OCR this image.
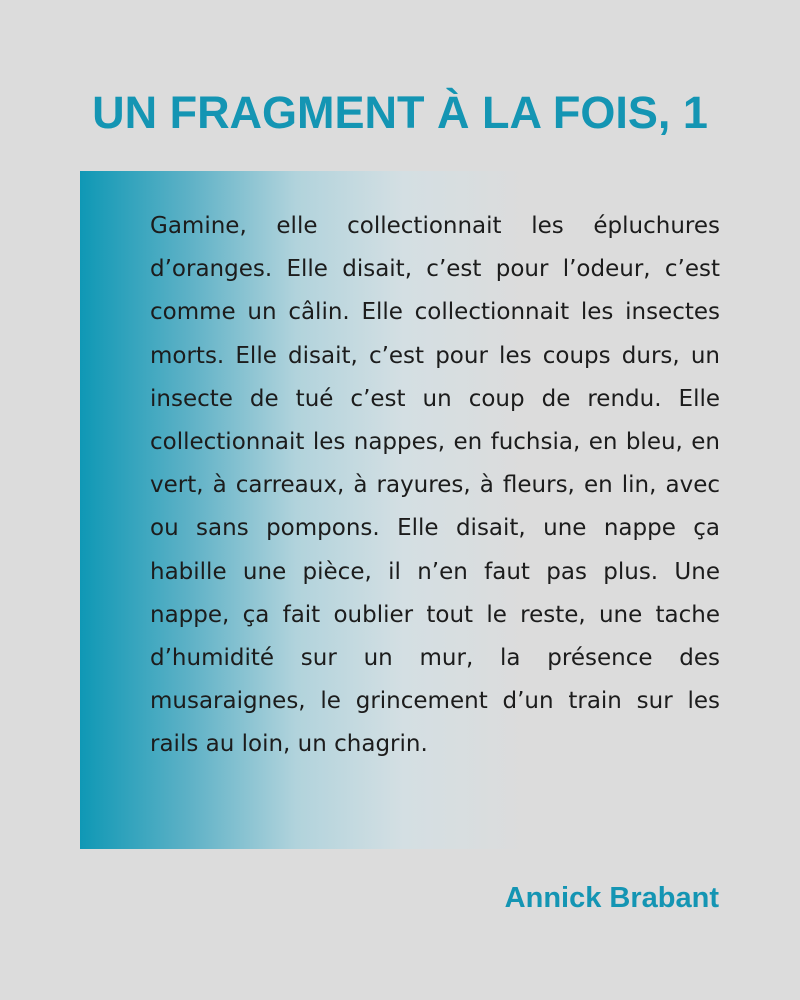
UN FRAGMENT À LA FOIS, 1

Gamine, elle collectionnait les épluchures d’oranges. Elle disait, c’est pour l’odeur, c’est comme un câlin. Elle collectionnait les insectes morts. Elle disait, c’est pour les coups durs, un insecte de tué c’est un coup de rendu. Elle collectionnait les nappes, en fuchsia, en bleu, en vert, à carreaux, à rayures, à fleurs, en lin, avec ou sans pompons. Elle disait, une nappe ça habille une pièce, il n’en faut pas plus. Une nappe, ça fait oublier tout le reste, une tache d’humidité sur un mur, la présence des musaraignes, le grincement d’un train sur les rails au loin, un chagrin.

Annick Brabant
